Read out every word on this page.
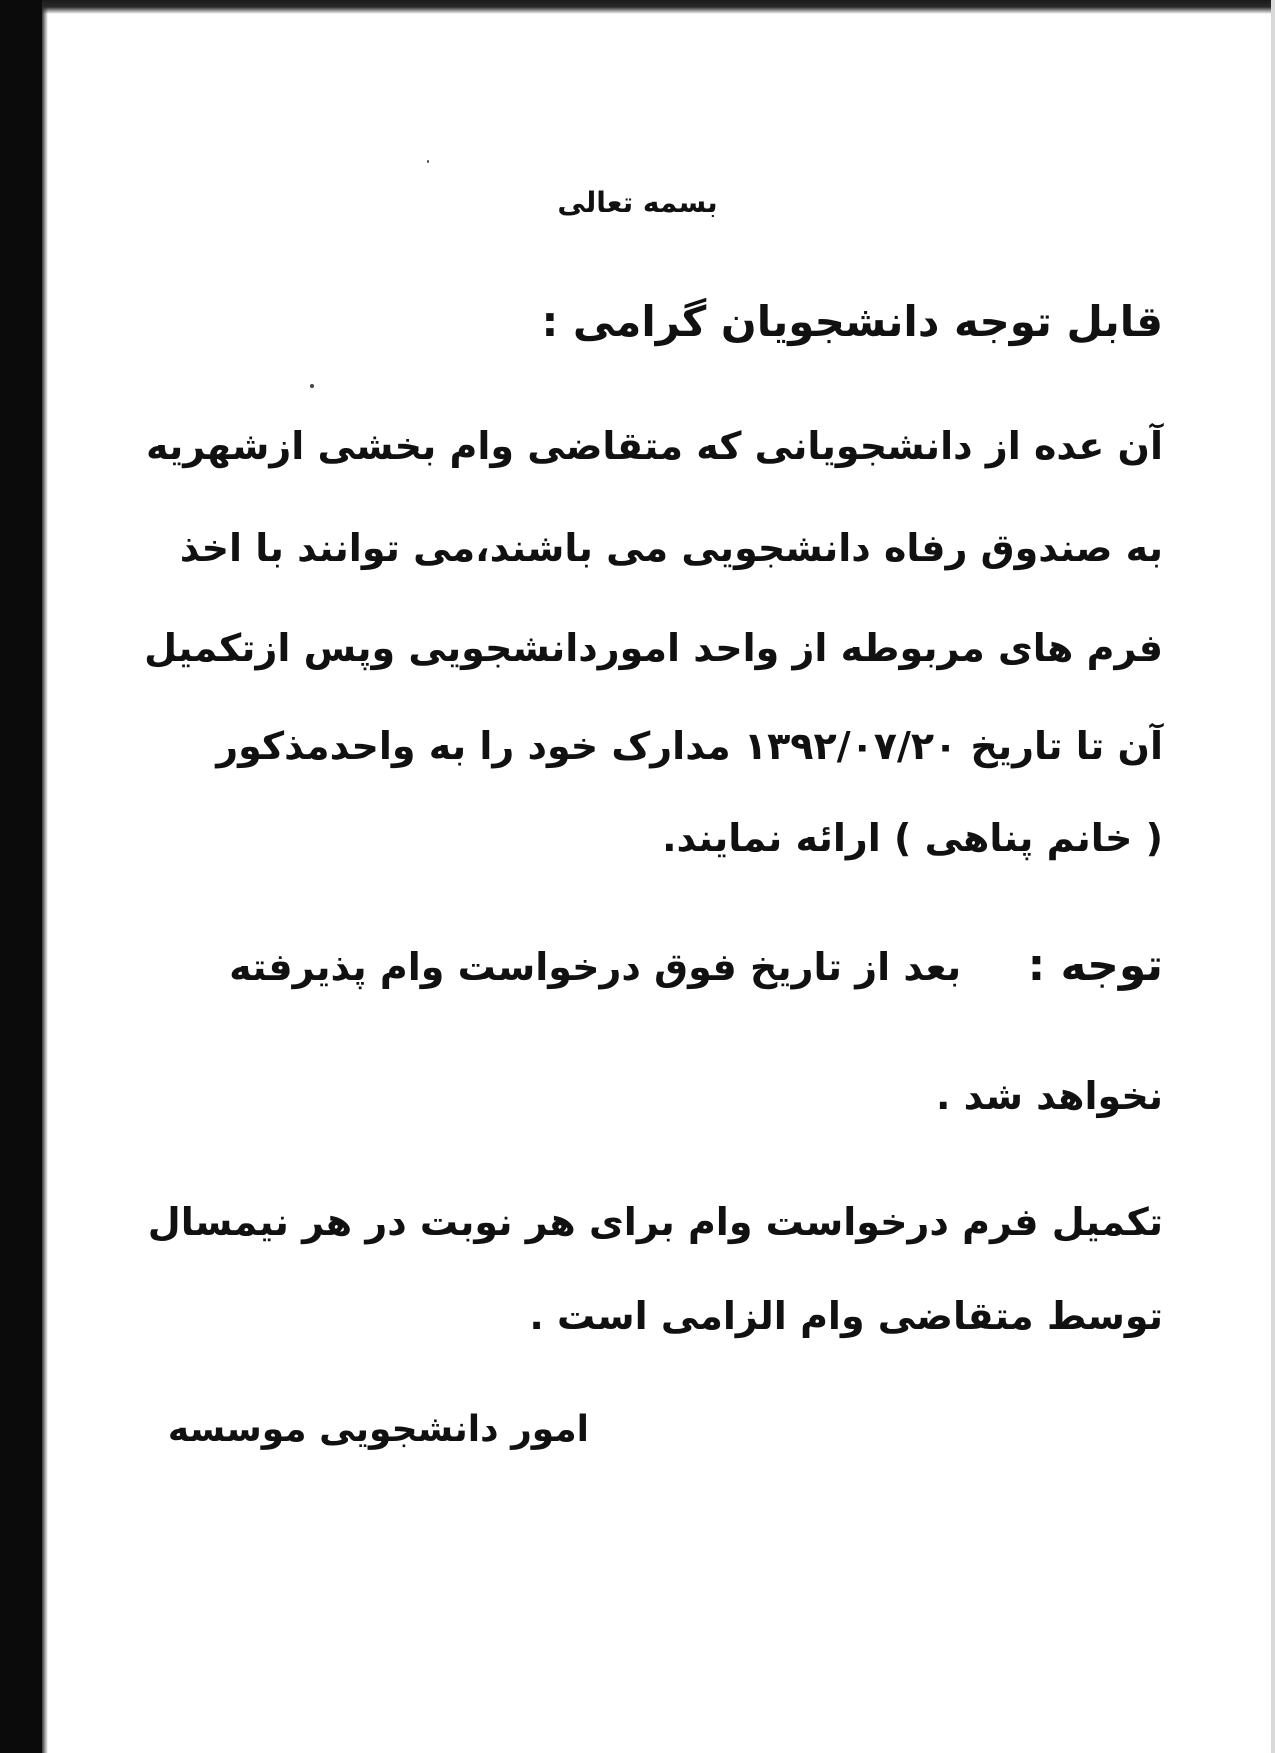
بسمه تعالی
قابل توجه دانشجویان گرامی :
آن عده از دانشجویانی که متقاضی وام بخشی ازشهریه
به صندوق رفاه دانشجویی می باشند،می توانند با اخذ
فرم های مربوطه از واحد اموردانشجویی وپس ازتکمیل
آن تا تاریخ ۱۳۹۲/۰۷/۲۰ مدارک خود را به واحدمذکور
( خانم پناهی ) ارائه نمایند.
توجه :  بعد از تاریخ فوق درخواست وام پذیرفته
نخواهد شد .
تکمیل فرم درخواست وام برای هر نوبت در هر نیمسال
توسط متقاضی وام الزامی است .
امور دانشجویی موسسه
